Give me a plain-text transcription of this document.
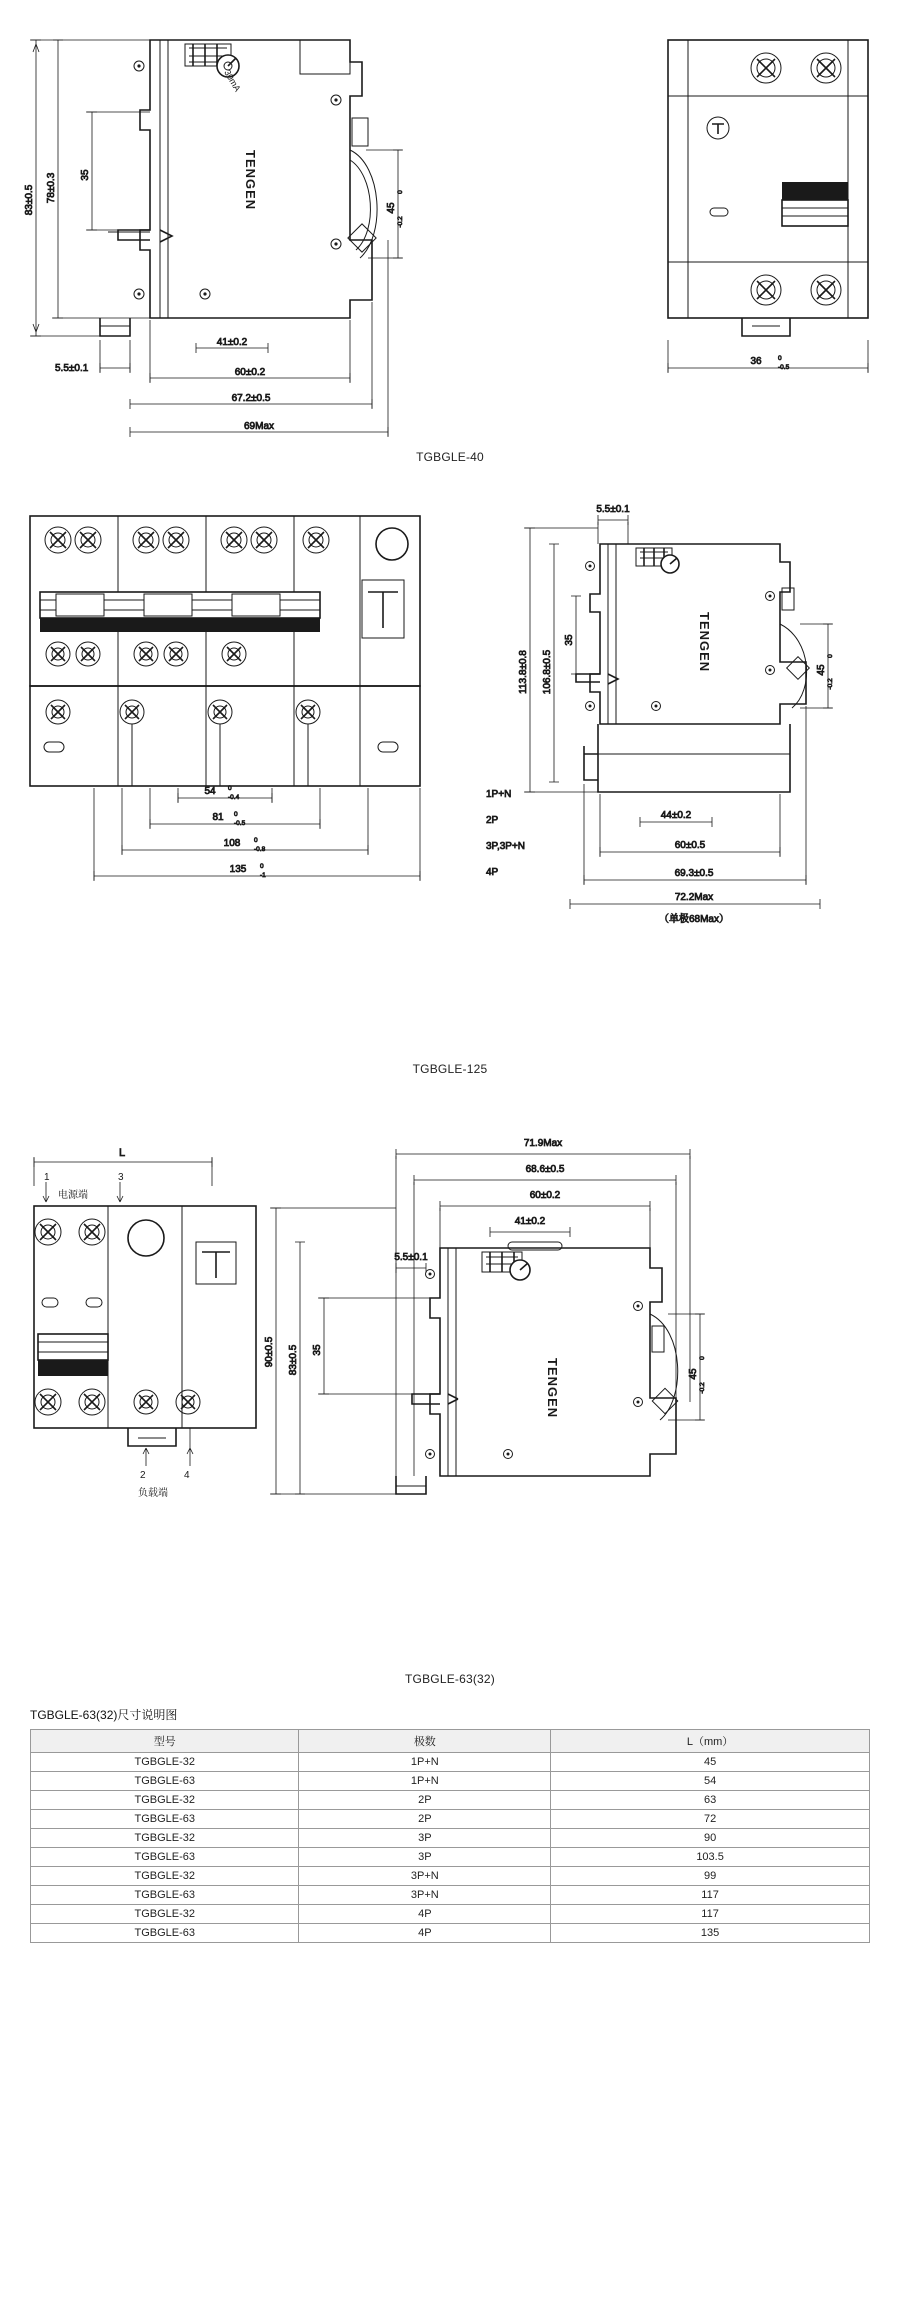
TENGEN
30mA
83±0.5 78±0.3 35
45
0
-0.2
5.5±0.1
41±0.2
60±0.2
67.2±0.5
69Max
36	0
-0.5
TGBGLE-40
54 0
-0.4	1P+N
81 0
-0.5	2P
108 0
-0.8	3P,3P+N
135 0
-1	4P
TENGEN
5.5±0.1
113.8±0.8 106.8±0.5
35
45
0
-0.2
44±0.2
60±0.5
69.3±0.5
72.2Max
（单极68Max）
TGBGLE-125
L
1	3
电源端
2	4
负载端
TENGEN
71.9Max
68.6±0.5
60±0.2
41±0.2
5.5±0.1
90±0.5 83±0.5 35
45
0
-0.2
TGBGLE-63(32)
TGBGLE-63(32)尺寸说明图
型号	极数	L（mm）
TGBGLE-32	1P+N	45
TGBGLE-63	1P+N	54
TGBGLE-32	2P	63
TGBGLE-63	2P	72
TGBGLE-32	3P	90
TGBGLE-63	3P	103.5
TGBGLE-32	3P+N	99
TGBGLE-63	3P+N	117
TGBGLE-32	4P	117
TGBGLE-63	4P	135
